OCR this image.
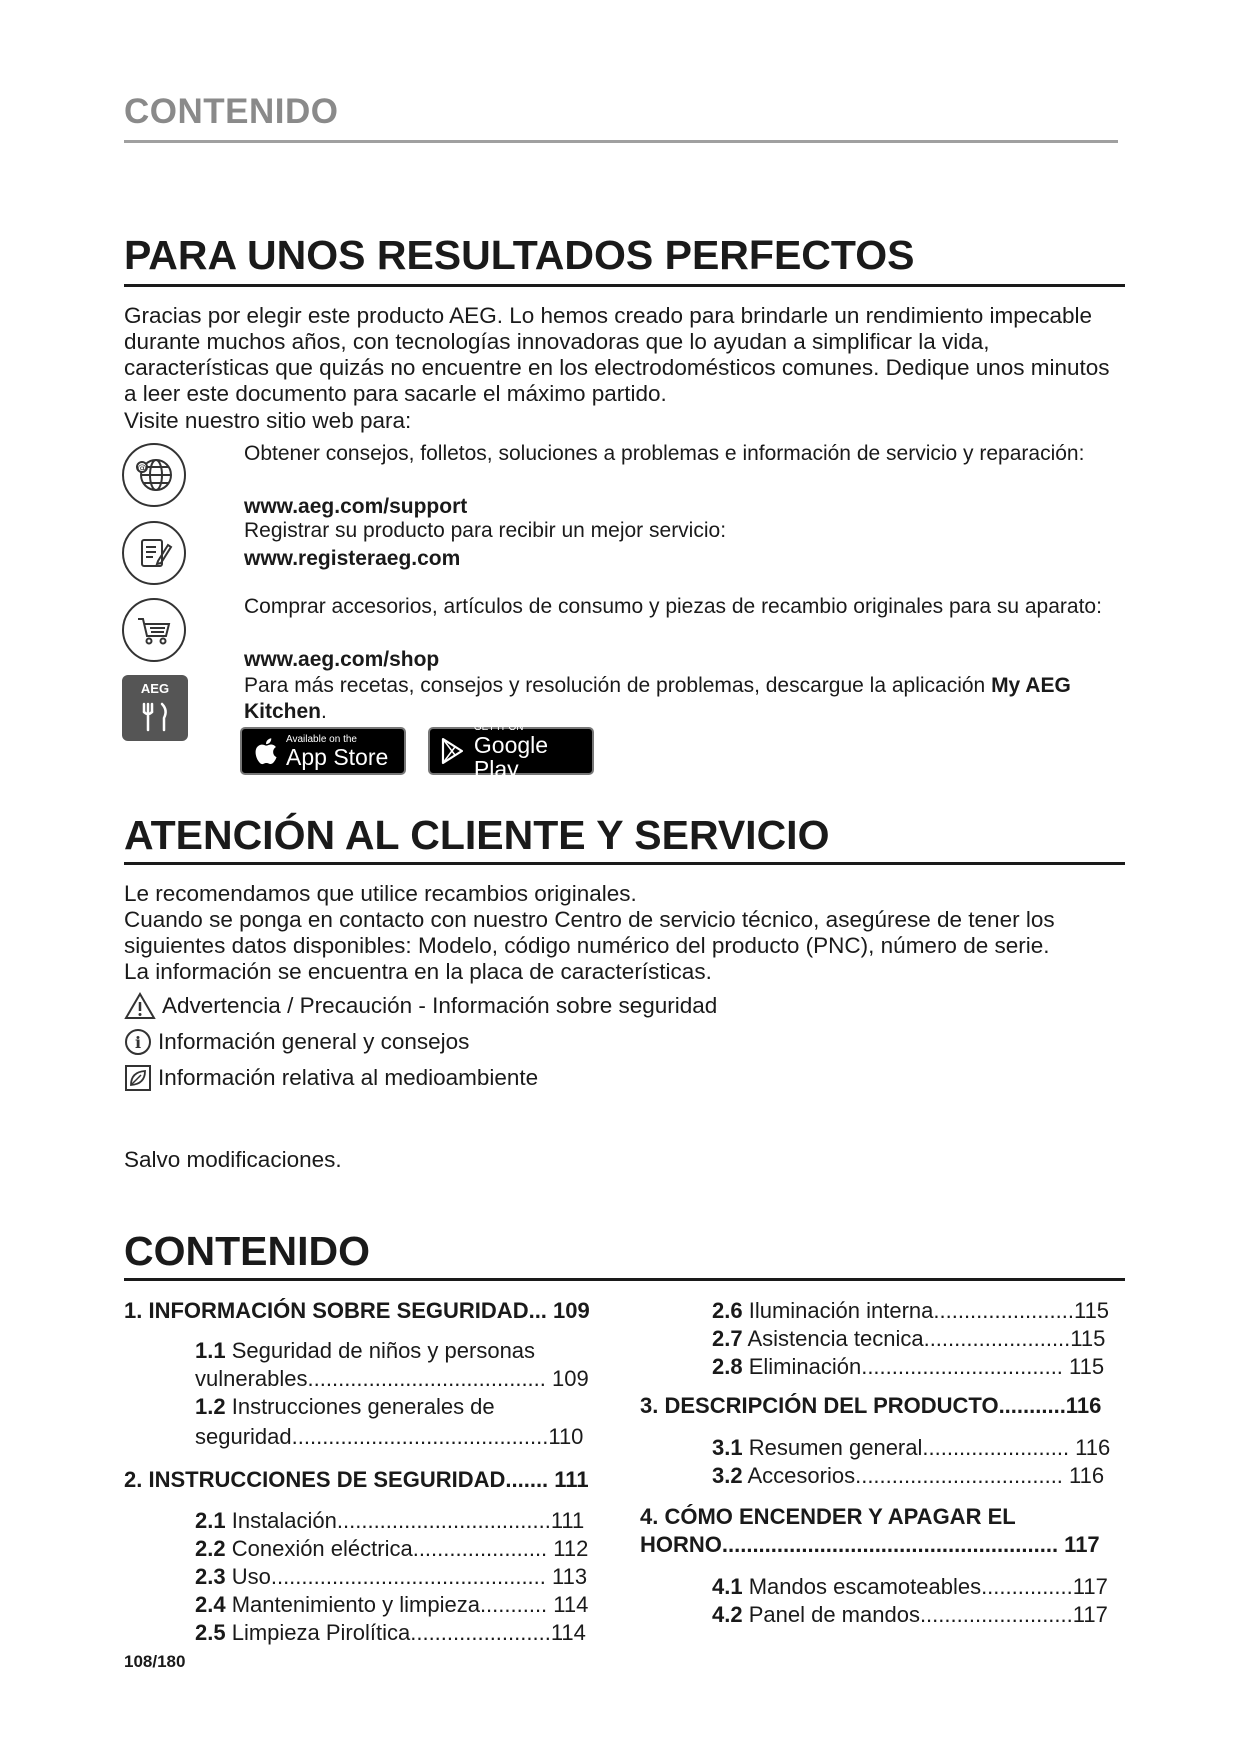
CONTENIDO
PARA UNOS RESULTADOS PERFECTOS
Gracias por elegir este producto AEG. Lo hemos creado para brindarle un rendimiento impecable durante muchos años, con tecnologías innovadoras que lo ayudan a simplificar la vida, características que quizás no encuentre en los electrodomésticos comunes. Dedique unos minutos a leer este documento para sacarle el máximo partido.
Visite nuestro sitio web para:
@
Obtener consejos, folletos, soluciones a problemas e información de servicio y reparación:
www.aeg.com/support
Registrar su producto para recibir un mejor servicio:
www.registeraeg.com
Comprar accesorios, artículos de consumo y piezas de recambio originales para su aparato:
www.aeg.com/shop
AEG	Para más recetas, consejos y resolución de problemas, descargue la aplicación My AEG Kitchen.
Available on the
App Store
GET IT ON
Google Play
ATENCIÓN AL CLIENTE Y SERVICIO
Le recomendamos que utilice recambios originales.
Cuando se ponga en contacto con nuestro Centro de servicio técnico, asegúrese de tener los siguientes datos disponibles: Modelo, código numérico del producto (PNC), número de serie.
La información se encuentra en la placa de características.
Advertencia / Precaución - Información sobre seguridad
i Información general y consejos
Información relativa al medioambiente
Salvo modificaciones.
CONTENIDO
1. INFORMACIÓN SOBRE SEGURIDAD... 109
1.1 Seguridad de niños y personas
vulnerables....................................... 109
1.2 Instrucciones generales de
seguridad..........................................110
2. INSTRUCCIONES DE SEGURIDAD....... 111
2.1 Instalación...................................111
2.2 Conexión eléctrica...................... 112
2.3 Uso............................................. 113
2.4 Mantenimiento y limpieza........... 114
2.5 Limpieza Pirolítica.......................114
2.6 Iluminación interna.......................115
2.7 Asistencia tecnica........................115
2.8 Eliminación................................. 115
3. DESCRIPCIÓN DEL PRODUCTO...........116
3.1 Resumen general........................ 116
3.2 Accesorios.................................. 116
4. CÓMO ENCENDER Y APAGAR EL
HORNO....................................................... 117
4.1 Mandos escamoteables...............117
4.2 Panel de mandos.........................117
108/180
